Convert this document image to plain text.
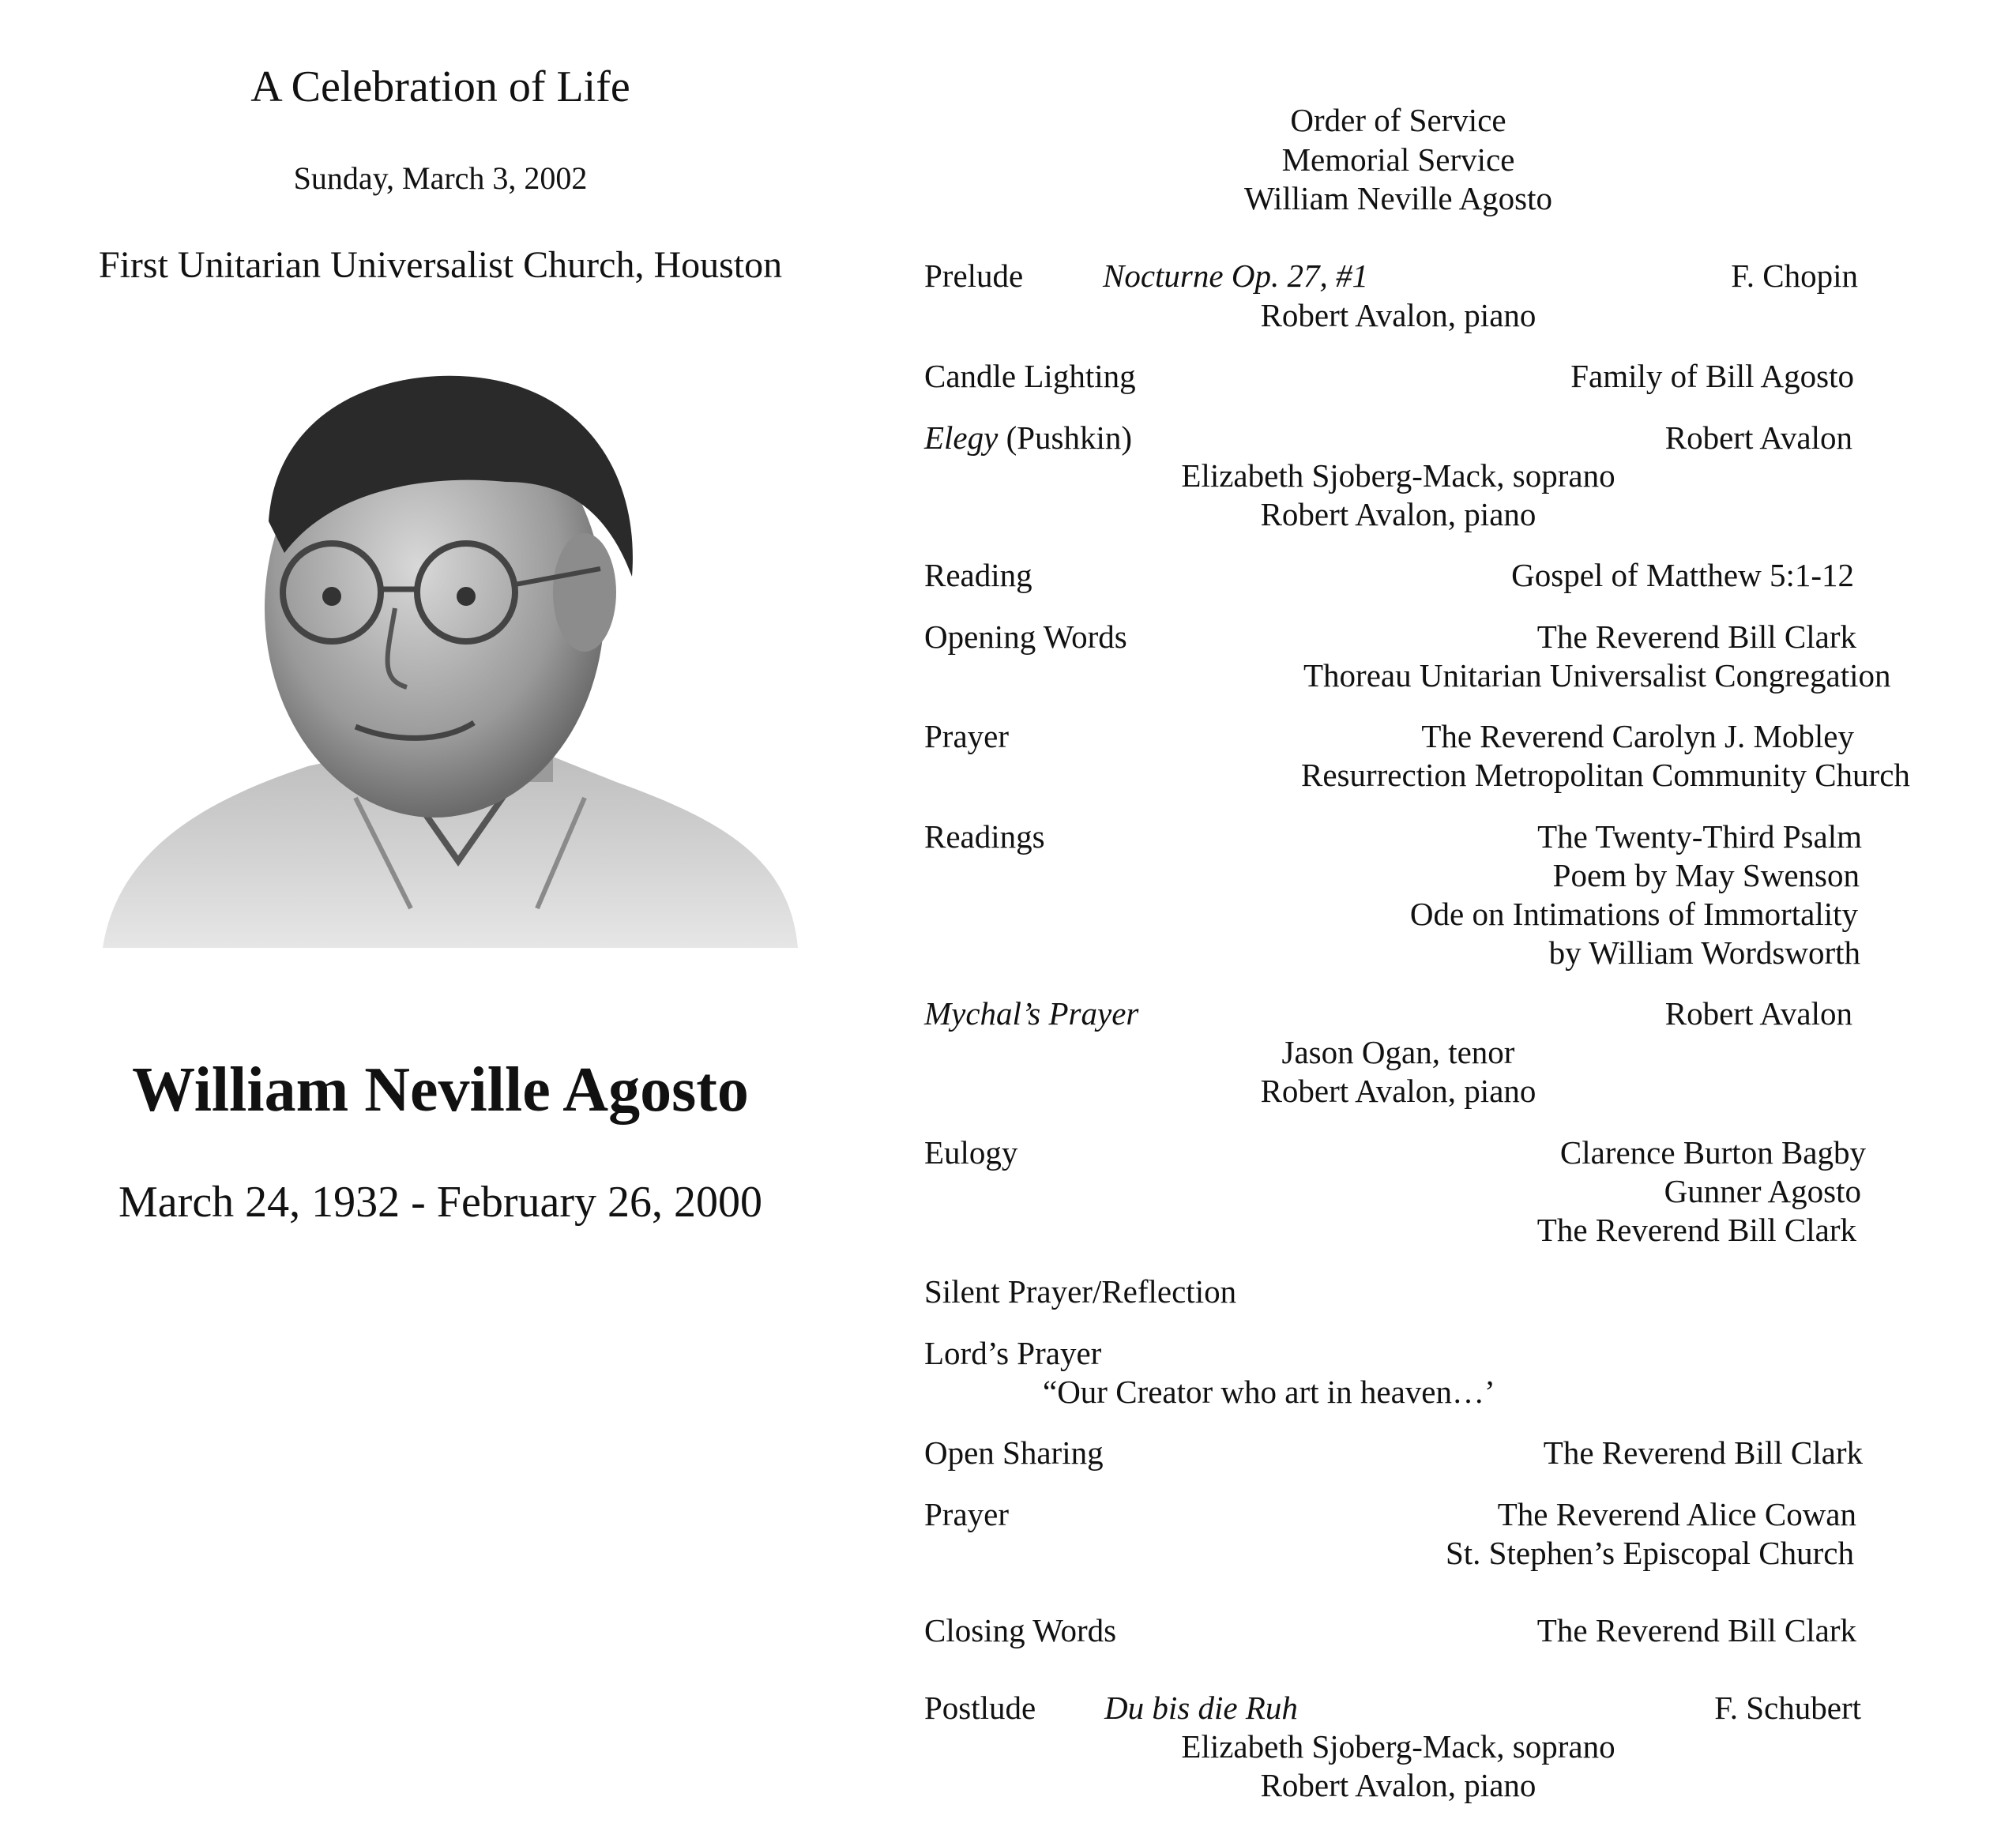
A Celebration of Life
Sunday, March 3, 2002
First Unitarian Universalist Church, Houston
William Neville Agosto
March 24, 1932 - February 26, 2000
Order of Service
Memorial Service
William Neville Agosto
Prelude Nocturne Op. 27, #1	F. Chopin
Robert Avalon, piano
Candle Lighting	Family of Bill Agosto
Elegy (Pushkin)	Robert Avalon
Elizabeth Sjoberg-Mack, soprano
Robert Avalon, piano
Reading	Gospel of Matthew 5:1-12
Opening Words	The Reverend Bill Clark
Thoreau Unitarian Universalist Congregation
Prayer	The Reverend Carolyn J. Mobley
Resurrection Metropolitan Community Church
Readings	The Twenty-Third Psalm
Poem by May Swenson
Ode on Intimations of Immortality
by William Wordsworth
Mychal’s Prayer	Robert Avalon
Jason Ogan, tenor
Robert Avalon, piano
Eulogy	Clarence Burton Bagby
Gunner Agosto
The Reverend Bill Clark
Silent Prayer/Reflection
Lord’s Prayer
“Our Creator who art in heaven…’
Open Sharing	The Reverend Bill Clark
Prayer	The Reverend Alice Cowan
St. Stephen’s Episcopal Church
Closing Words	The Reverend Bill Clark
Postlude Du bis die Ruh	F. Schubert
Elizabeth Sjoberg-Mack, soprano
Robert Avalon, piano
